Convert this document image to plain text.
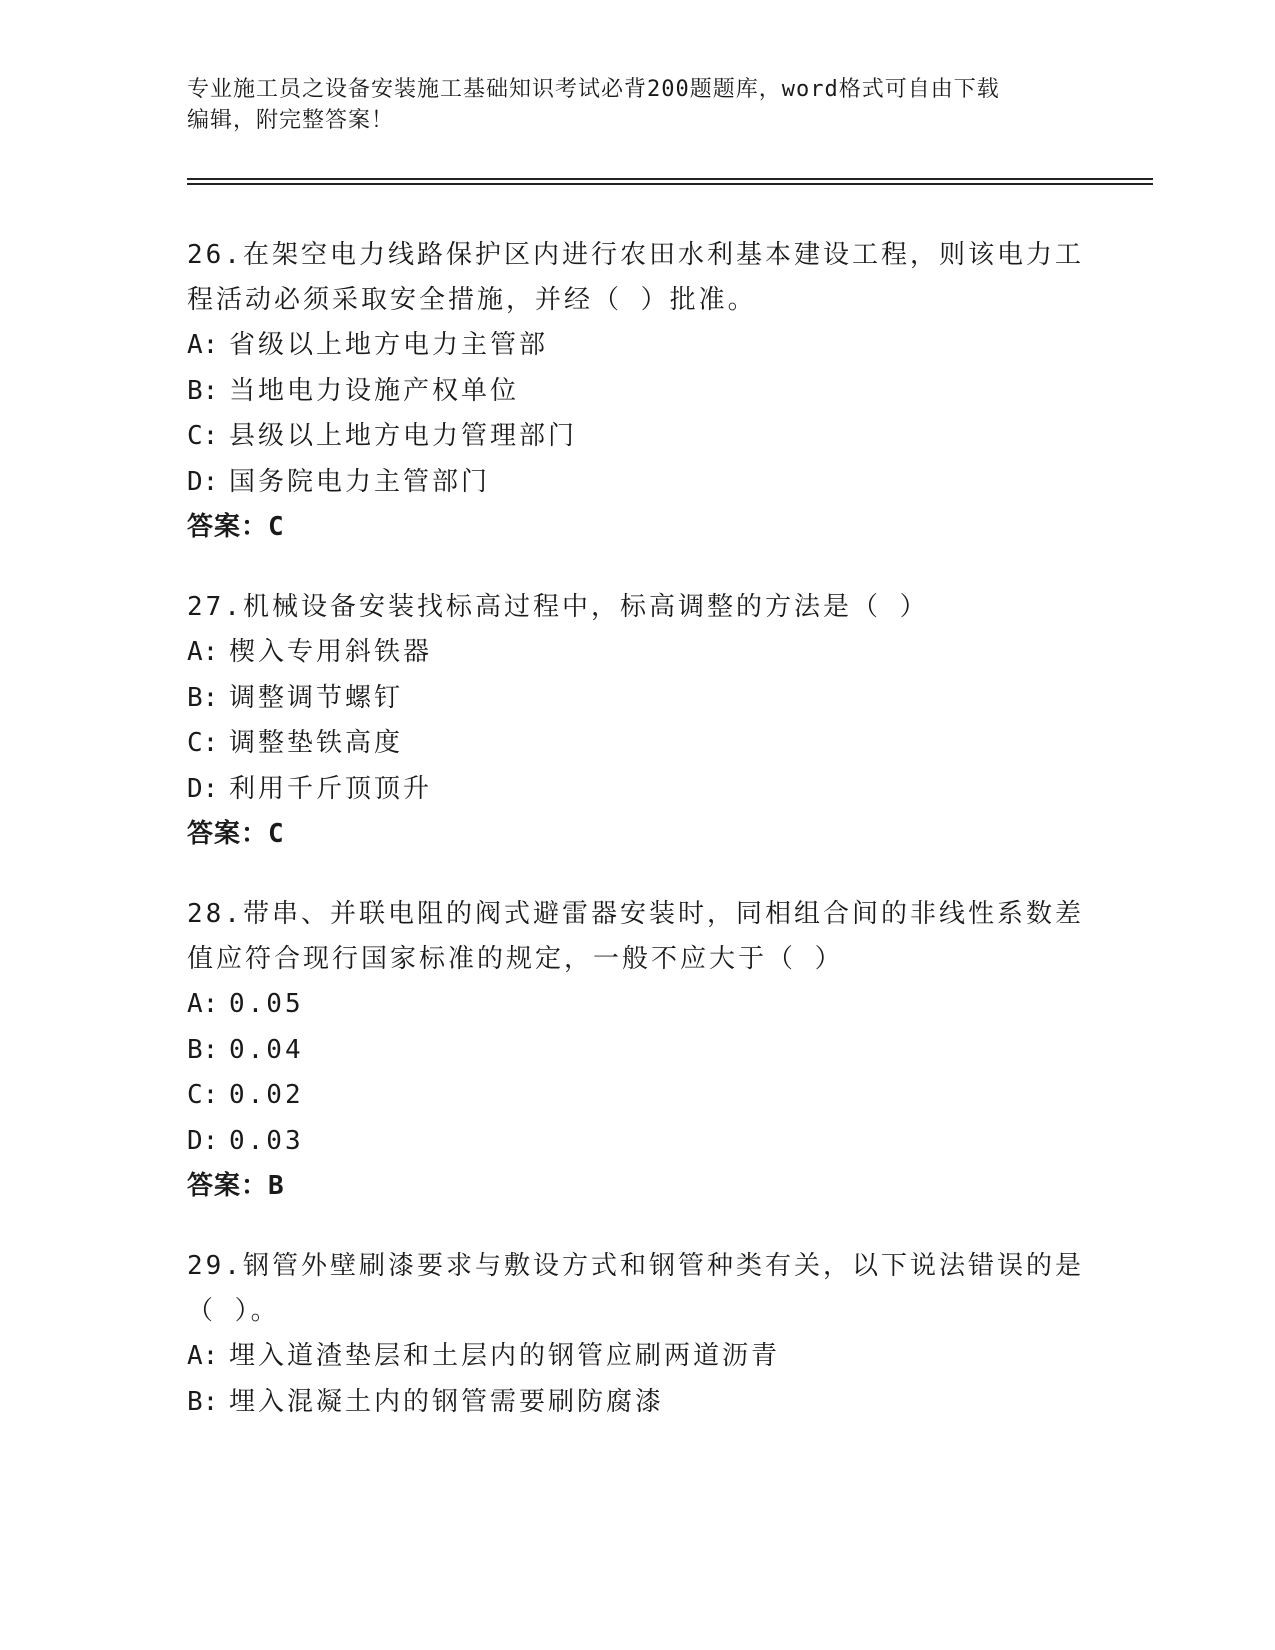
专业施工员之设备安装施工基础知识考试必背200题题库，word格式可自由下载
编辑，附完整答案！

26.在架空电力线路保护区内进行农田水利基本建设工程，则该电力工程活动必须采取安全措施，并经（ ）批准。

A: 省级以上地方电力主管部
B: 当地电力设施产权单位
C: 县级以上地方电力管理部门
D: 国务院电力主管部门
答案：C

27.机械设备安装找标高过程中，标高调整的方法是（ ）

A: 楔入专用斜铁器
B: 调整调节螺钉
C: 调整垫铁高度
D: 利用千斤顶顶升
答案：C

28.带串、并联电阻的阀式避雷器安装时，同相组合间的非线性系数差值应符合现行国家标准的规定，一般不应大于（ ）

A: 0.05
B: 0.04
C: 0.02
D: 0.03
答案：B

29.钢管外壁刷漆要求与敷设方式和钢管种类有关，以下说法错误的是（ ）。

A: 埋入道渣垫层和土层内的钢管应刷两道沥青
B: 埋入混凝土内的钢管需要刷防腐漆
